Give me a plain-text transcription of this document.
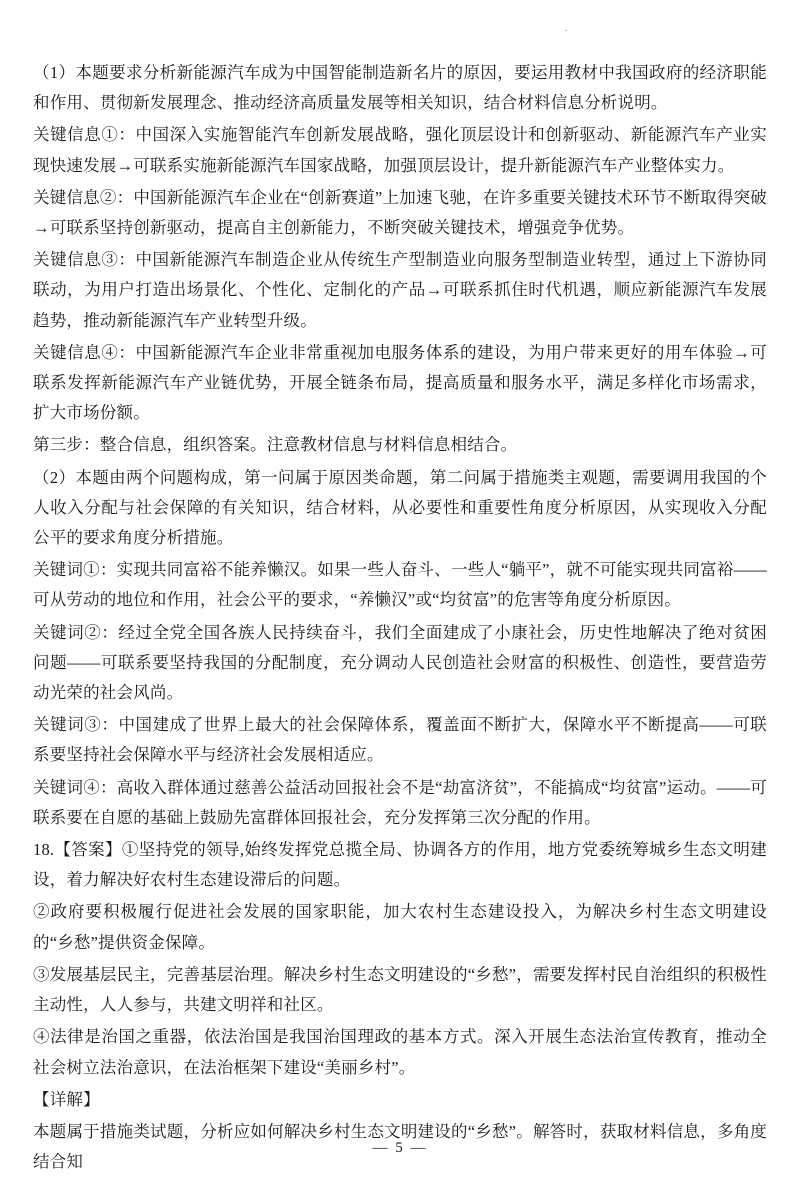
·

（1）本题要求分析新能源汽车成为中国智能制造新名片的原因，要运用教材中我国政府的经济职能和作用、贯彻新发展理念、推动经济高质量发展等相关知识，结合材料信息分析说明。

关键信息①：中国深入实施智能汽车创新发展战略，强化顶层设计和创新驱动、新能源汽车产业实现快速发展→可联系实施新能源汽车国家战略，加强顶层设计，提升新能源汽车产业整体实力。

关键信息②：中国新能源汽车企业在“创新赛道”上加速飞驰，在许多重要关键技术环节不断取得突破→可联系坚持创新驱动，提高自主创新能力，不断突破关键技术，增强竞争优势。

关键信息③：中国新能源汽车制造企业从传统生产型制造业向服务型制造业转型，通过上下游协同联动，为用户打造出场景化、个性化、定制化的产品→可联系抓住时代机遇，顺应新能源汽车发展趋势，推动新能源汽车产业转型升级。

关键信息④：中国新能源汽车企业非常重视加电服务体系的建设，为用户带来更好的用车体验→可联系发挥新能源汽车产业链优势，开展全链条布局，提高质量和服务水平，满足多样化市场需求，扩大市场份额。

第三步：整合信息，组织答案。注意教材信息与材料信息相结合。

（2）本题由两个问题构成，第一问属于原因类命题，第二问属于措施类主观题，需要调用我国的个人收入分配与社会保障的有关知识，结合材料，从必要性和重要性角度分析原因，从实现收入分配公平的要求角度分析措施。

关键词①：实现共同富裕不能养懒汉。如果一些人奋斗、一些人“躺平”，就不可能实现共同富裕——可从劳动的地位和作用，社会公平的要求，“养懒汉”或“均贫富”的危害等角度分析原因。

关键词②：经过全党全国各族人民持续奋斗，我们全面建成了小康社会，历史性地解决了绝对贫困问题——可联系要坚持我国的分配制度，充分调动人民创造社会财富的积极性、创造性，要营造劳动光荣的社会风尚。

关键词③：中国建成了世界上最大的社会保障体系，覆盖面不断扩大，保障水平不断提高——可联系要坚持社会保障水平与经济社会发展相适应。

关键词④：高收入群体通过慈善公益活动回报社会不是“劫富济贫”，不能搞成“均贫富”运动。——可联系要在自愿的基础上鼓励先富群体回报社会，充分发挥第三次分配的作用。

18.【答案】①坚持党的领导,始终发挥党总揽全局、协调各方的作用，地方党委统筹城乡生态文明建设，着力解决好农村生态建设滞后的问题。

②政府要积极履行促进社会发展的国家职能，加大农村生态建设投入，为解决乡村生态文明建设的“乡愁”提供资金保障。

③发展基层民主，完善基层治理。解决乡村生态文明建设的“乡愁”，需要发挥村民自治组织的积极性主动性，人人参与，共建文明祥和社区。

④法律是治国之重器，依法治国是我国治国理政的基本方式。深入开展生态法治宣传教育，推动全社会树立法治意识，在法治框架下建设“美丽乡村”。

【详解】

本题属于措施类试题，分析应如何解决乡村生态文明建设的“乡愁”。解答时，获取材料信息，多角度结合知

— 5 —
